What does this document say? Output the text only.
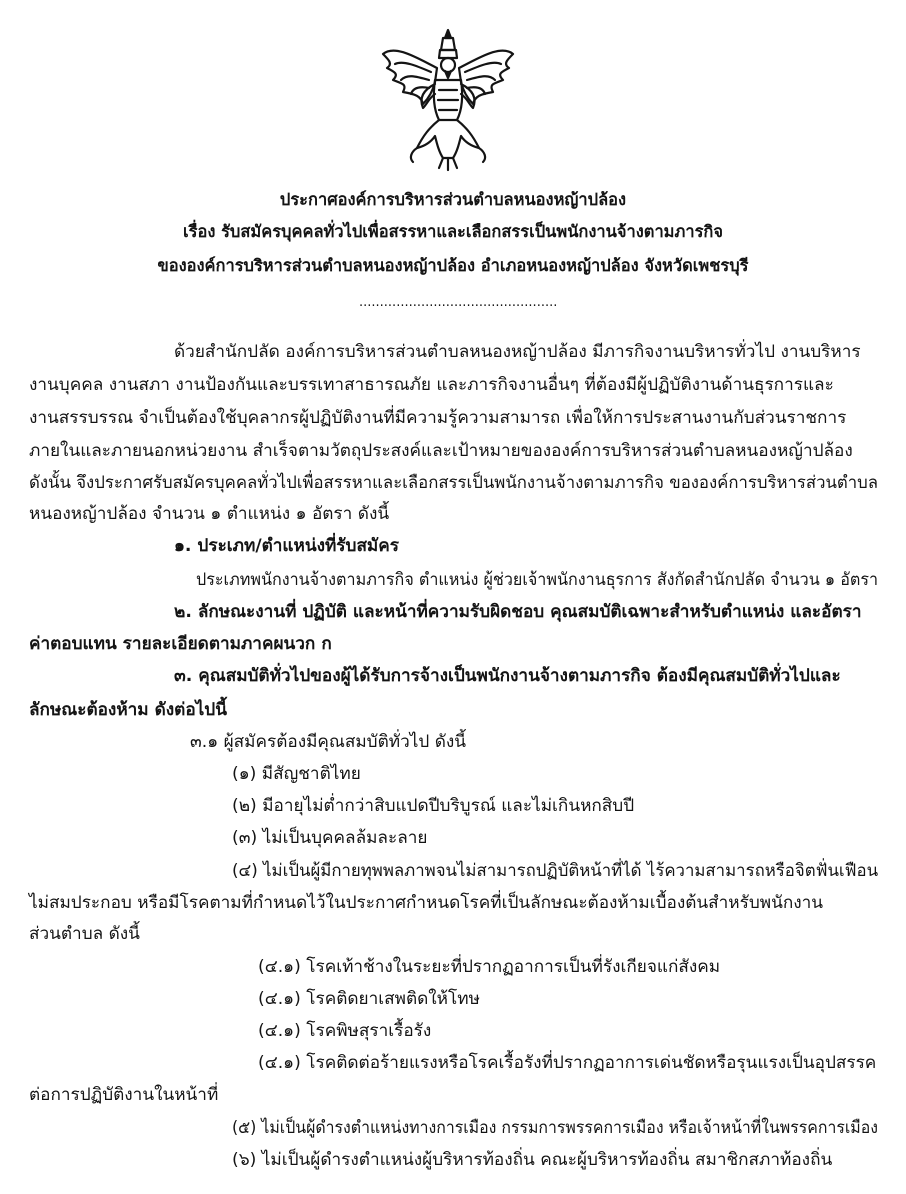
ประกาศองค์การบริหารส่วนตำบลหนองหญ้าปล้อง
เรื่อง รับสมัครบุคคลทั่วไปเพื่อสรรหาและเลือกสรรเป็นพนักงานจ้างตามภารกิจ
ขององค์การบริหารส่วนตำบลหนองหญ้าปล้อง อำเภอหนองหญ้าปล้อง จังหวัดเพชรบุรี
................................................
ด้วยสำนักปลัด องค์การบริหารส่วนตำบลหนองหญ้าปล้อง มีภารกิจงานบริหารทั่วไป งานบริหาร
งานบุคคล งานสภา งานป้องกันและบรรเทาสาธารณภัย และภารกิจงานอื่นๆ ที่ต้องมีผู้ปฏิบัติงานด้านธุรการและ
งานสรรบรรณ จำเป็นต้องใช้บุคลากรผู้ปฏิบัติงานที่มีความรู้ความสามารถ เพื่อให้การประสานงานกับส่วนราชการ
ภายในและภายนอกหน่วยงาน สำเร็จตามวัตถุประสงค์และเป้าหมายขององค์การบริหารส่วนตำบลหนองหญ้าปล้อง
ดังนั้น จึงประกาศรับสมัครบุคคลทั่วไปเพื่อสรรหาและเลือกสรรเป็นพนักงานจ้างตามภารกิจ ขององค์การบริหารส่วนตำบล
หนองหญ้าปล้อง จำนวน ๑ ตำแหน่ง ๑ อัตรา ดังนี้
๑. ประเภท/ตำแหน่งที่รับสมัคร
ประเภทพนักงานจ้างตามภารกิจ ตำแหน่ง ผู้ช่วยเจ้าพนักงานธุรการ สังกัดสำนักปลัด จำนวน ๑ อัตรา
๒. ลักษณะงานที่ ปฏิบัติ และหน้าที่ความรับผิดชอบ คุณสมบัติเฉพาะสำหรับตำแหน่ง และอัตรา
ค่าตอบแทน รายละเอียดตามภาคผนวก ก
๓. คุณสมบัติทั่วไปของผู้ได้รับการจ้างเป็นพนักงานจ้างตามภารกิจ ต้องมีคุณสมบัติทั่วไปและ
ลักษณะต้องห้าม ดังต่อไปนี้
๓.๑ ผู้สมัครต้องมีคุณสมบัติทั่วไป ดังนี้
(๑) มีสัญชาติไทย
(๒) มีอายุไม่ต่ำกว่าสิบแปดปีบริบูรณ์ และไม่เกินหกสิบปี
(๓) ไม่เป็นบุคคลล้มละลาย
(๔) ไม่เป็นผู้มีกายทุพพลภาพจนไม่สามารถปฏิบัติหน้าที่ได้ ไร้ความสามารถหรือจิตฟั่นเฟือน
ไม่สมประกอบ หรือมีโรคตามที่กำหนดไว้ในประกาศกำหนดโรคที่เป็นลักษณะต้องห้ามเบื้องต้นสำหรับพนักงาน
ส่วนตำบล ดังนี้
(๔.๑) โรคเท้าช้างในระยะที่ปรากฏอาการเป็นที่รังเกียจแก่สังคม
(๔.๑) โรคติดยาเสพติดให้โทษ
(๔.๑) โรคพิษสุราเรื้อรัง
(๔.๑) โรคติดต่อร้ายแรงหรือโรคเรื้อรังที่ปรากฏอาการเด่นชัดหรือรุนแรงเป็นอุปสรรค
ต่อการปฏิบัติงานในหน้าที่
(๕) ไม่เป็นผู้ดำรงตำแหน่งทางการเมือง กรรมการพรรคการเมือง หรือเจ้าหน้าที่ในพรรคการเมือง
(๖) ไม่เป็นผู้ดำรงตำแหน่งผู้บริหารท้องถิ่น คณะผู้บริหารท้องถิ่น สมาชิกสภาท้องถิ่น
